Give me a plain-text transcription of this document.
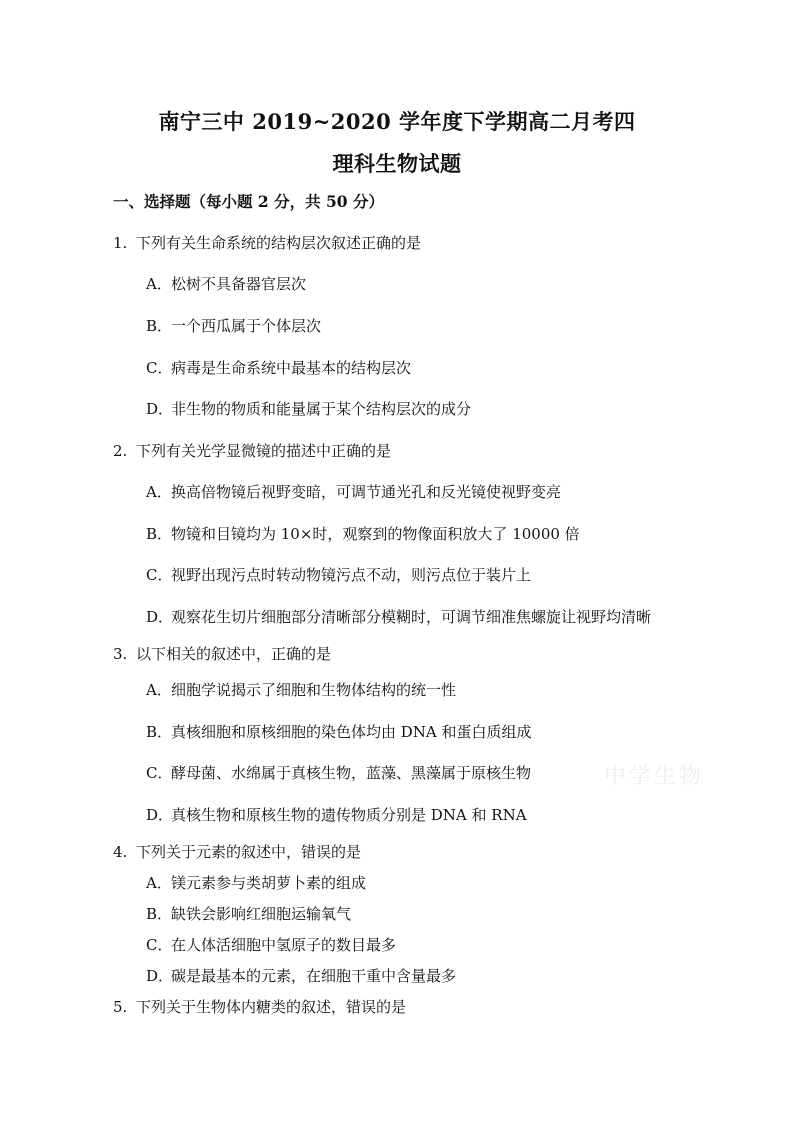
南宁三中 2019~2020 学年度下学期高二月考四
理科生物试题
一、选择题（每小题 2 分，共 50 分）
1. 下列有关生命系统的结构层次叙述正确的是
A．松树不具备器官层次
B．一个西瓜属于个体层次
C．病毒是生命系统中最基本的结构层次
D．非生物的物质和能量属于某个结构层次的成分
2. 下列有关光学显微镜的描述中正确的是
A．换高倍物镜后视野变暗，可调节通光孔和反光镜使视野变亮
B．物镜和目镜均为 10×时，观察到的物像面积放大了 10000 倍
C．视野出现污点时转动物镜污点不动，则污点位于装片上
D．观察花生切片细胞部分清晰部分模糊时，可调节细准焦螺旋让视野均清晰
3. 以下相关的叙述中，正确的是
A．细胞学说揭示了细胞和生物体结构的统一性
B．真核细胞和原核细胞的染色体均由 DNA 和蛋白质组成
C．酵母菌、水绵属于真核生物，蓝藻、黑藻属于原核生物
D．真核生物和原核生物的遗传物质分别是 DNA 和 RNA
4. 下列关于元素的叙述中，错误的是
A．镁元素参与类胡萝卜素的组成
B．缺铁会影响红细胞运输氧气
C．在人体活细胞中氢原子的数目最多
D．碳是最基本的元素，在细胞干重中含量最多
5. 下列关于生物体内糖类的叙述，错误的是
中学生物
